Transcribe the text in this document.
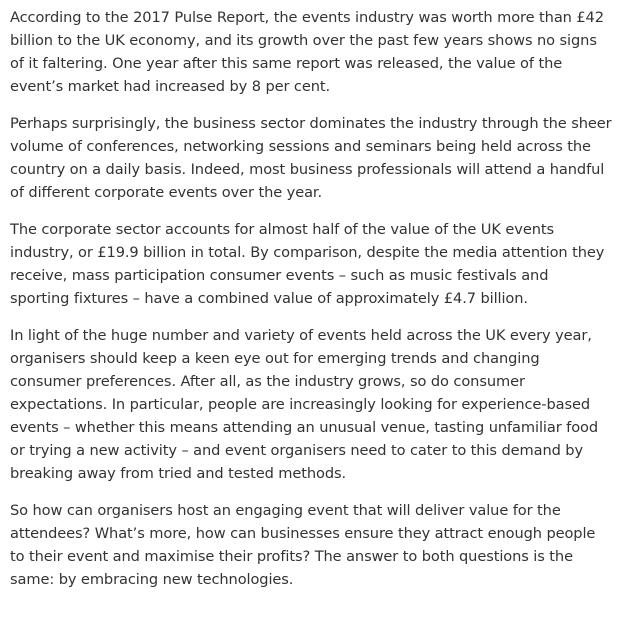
According to the 2017 Pulse Report, the events industry was worth more than £42 billion to the UK economy, and its growth over the past few years shows no signs of it faltering. One year after this same report was released, the value of the event’s market had increased by 8 per cent.

Perhaps surprisingly, the business sector dominates the industry through the sheer volume of conferences, networking sessions and seminars being held across the country on a daily basis. Indeed, most business professionals will attend a handful of different corporate events over the year.

The corporate sector accounts for almost half of the value of the UK events industry, or £19.9 billion in total. By comparison, despite the media attention they receive, mass participation consumer events – such as music festivals and sporting fixtures – have a combined value of approximately £4.7 billion.

In light of the huge number and variety of events held across the UK every year, organisers should keep a keen eye out for emerging trends and changing consumer preferences. After all, as the industry grows, so do consumer expectations. In particular, people are increasingly looking for experience-based events – whether this means attending an unusual venue, tasting unfamiliar food or trying a new activity – and event organisers need to cater to this demand by breaking away from tried and tested methods.

So how can organisers host an engaging event that will deliver value for the attendees? What’s more, how can businesses ensure they attract enough people to their event and maximise their profits? The answer to both questions is the same: by embracing new technologies.
